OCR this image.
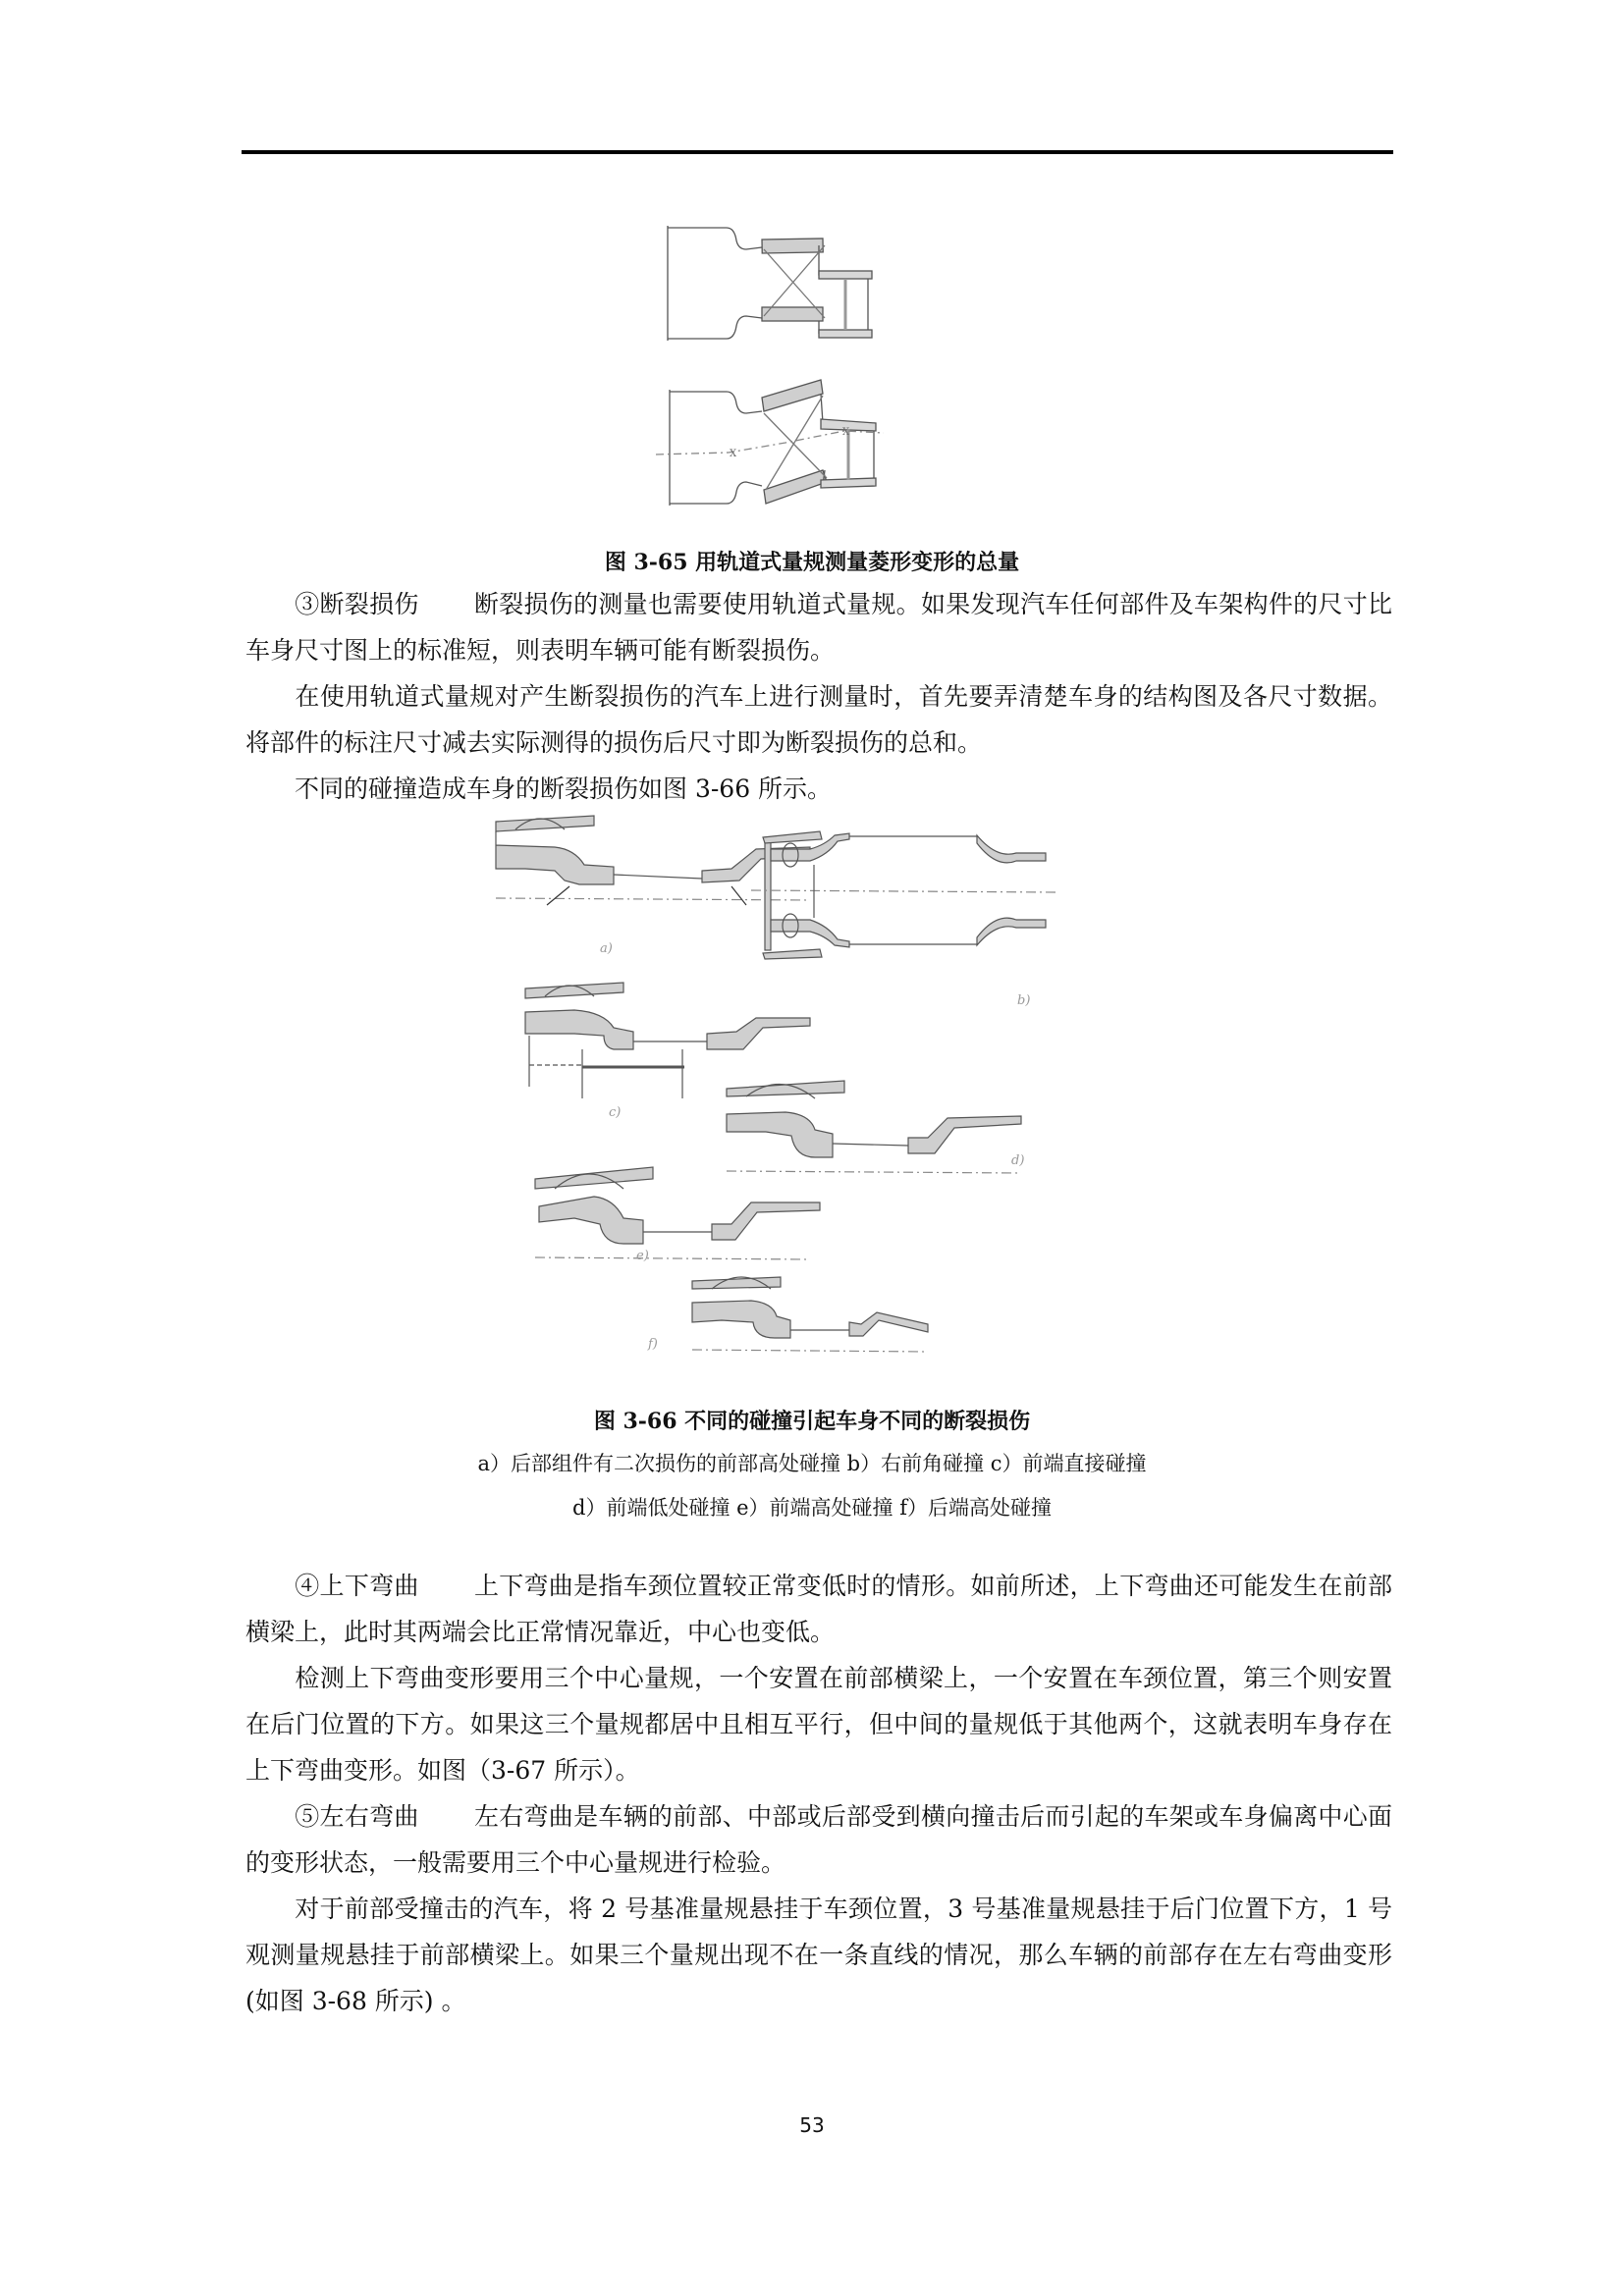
X
X
图 3-65 用轨道式量规测量菱形变形的总量

③断裂损伤 断裂损伤的测量也需要使用轨道式量规。如果发现汽车任何部件及车架构件的尺寸比车身尺寸图上的标准短，则表明车辆可能有断裂损伤。

在使用轨道式量规对产生断裂损伤的汽车上进行测量时，首先要弄清楚车身的结构图及各尺寸数据。将部件的标注尺寸减去实际测得的损伤后尺寸即为断裂损伤的总和。

不同的碰撞造成车身的断裂损伤如图 3-66 所示。

a)
b)
c)
d)
e)
f)
图 3-66 不同的碰撞引起车身不同的断裂损伤
a）后部组件有二次损伤的前部高处碰撞 b）右前角碰撞 c）前端直接碰撞
d）前端低处碰撞 e）前端高处碰撞 f）后端高处碰撞

④上下弯曲 上下弯曲是指车颈位置较正常变低时的情形。如前所述，上下弯曲还可能发生在前部横梁上，此时其两端会比正常情况靠近，中心也变低。

检测上下弯曲变形要用三个中心量规，一个安置在前部横梁上，一个安置在车颈位置，第三个则安置在后门位置的下方。如果这三个量规都居中且相互平行，但中间的量规低于其他两个，这就表明车身存在上下弯曲变形。如图（3-67 所示）。

⑤左右弯曲 左右弯曲是车辆的前部、中部或后部受到横向撞击后而引起的车架或车身偏离中心面的变形状态，一般需要用三个中心量规进行检验。

对于前部受撞击的汽车，将 2 号基准量规悬挂于车颈位置，3 号基准量规悬挂于后门位置下方，1 号观测量规悬挂于前部横梁上。如果三个量规出现不在一条直线的情况，那么车辆的前部存在左右弯曲变形 (如图 3-68 所示) 。

53
